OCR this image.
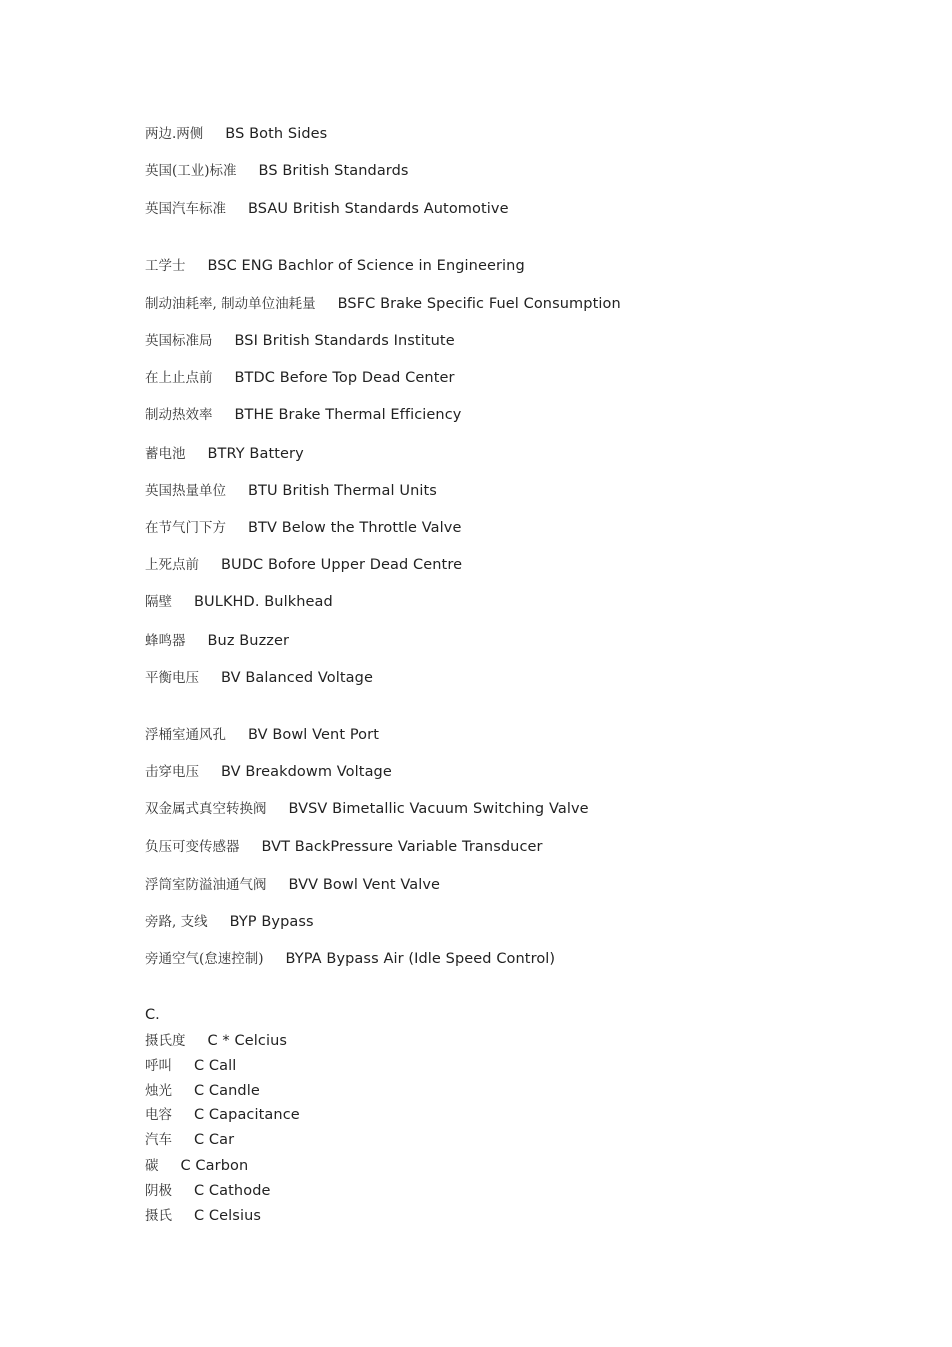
两边.两侧 BS Both Sides
英国(工业)标准 BS British Standards
英国汽车标准 BSAU British Standards Automotive
工学士 BSC ENG Bachlor of Science in Engineering
制动油耗率, 制动单位油耗量 BSFC Brake Specific Fuel Consumption
英国标准局 BSI British Standards Institute
在上止点前 BTDC Before Top Dead Center
制动热效率 BTHE Brake Thermal Efficiency
蓄电池 BTRY Battery
英国热量单位 BTU British Thermal Units
在节气门下方 BTV Below the Throttle Valve
上死点前 BUDC Bofore Upper Dead Centre
隔壁 BULKHD. Bulkhead
蜂鸣器 Buz Buzzer
平衡电压 BV Balanced Voltage
浮桶室通风孔 BV Bowl Vent Port
击穿电压 BV Breakdowm Voltage
双金属式真空转换阀 BVSV Bimetallic Vacuum Switching Valve
负压可变传感器 BVT BackPressure Variable Transducer
浮筒室防溢油通气阀 BVV Bowl Vent Valve
旁路, 支线 BYP Bypass
旁通空气(怠速控制) BYPA Bypass Air (Idle Speed Control)
C.
摄氏度 C * Celcius
呼叫 C Call
烛光 C Candle
电容 C Capacitance
汽车 C Car
碳 C Carbon
阴极 C Cathode
摄氏 C Celsius
